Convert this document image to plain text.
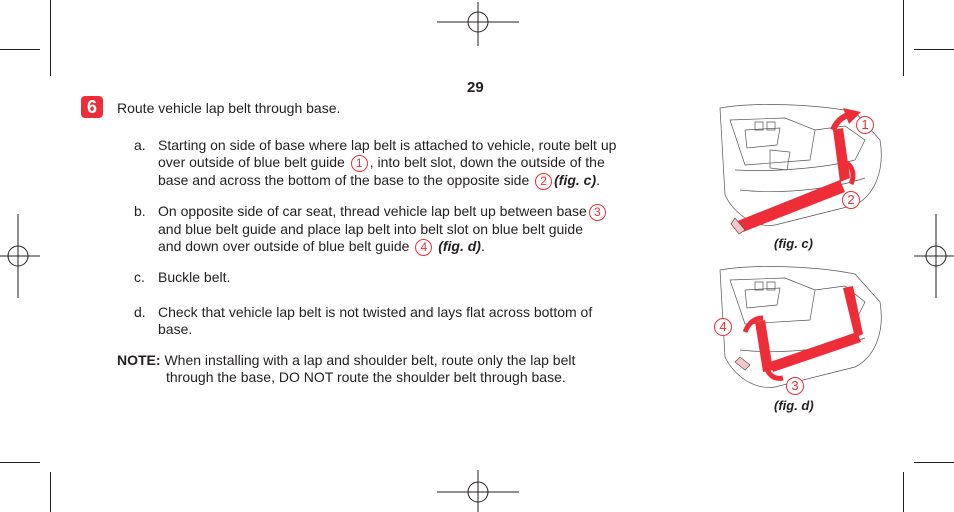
29
6	Route vehicle lap belt through base.
a. Starting on side of base where lap belt is attached to vehicle, route belt up
over outside of blue belt guide 1 , into belt slot, down the outside of the
base and across the bottom of the base to the opposite side 2 (fig. c).
b. On opposite side of car seat, thread vehicle lap belt up between base 3
and blue belt guide and place lap belt into belt slot on blue belt guide
and down over outside of blue belt guide 4 (fig. d).
c. Buckle belt.
d. Check that vehicle lap belt is not twisted and lays flat across bottom of
base.
NOTE: When installing with a lap and shoulder belt, route only the lap belt
through the base, DO NOT route the shoulder belt through base.
1
2
(fig. c)
4
3
(fig. d)
